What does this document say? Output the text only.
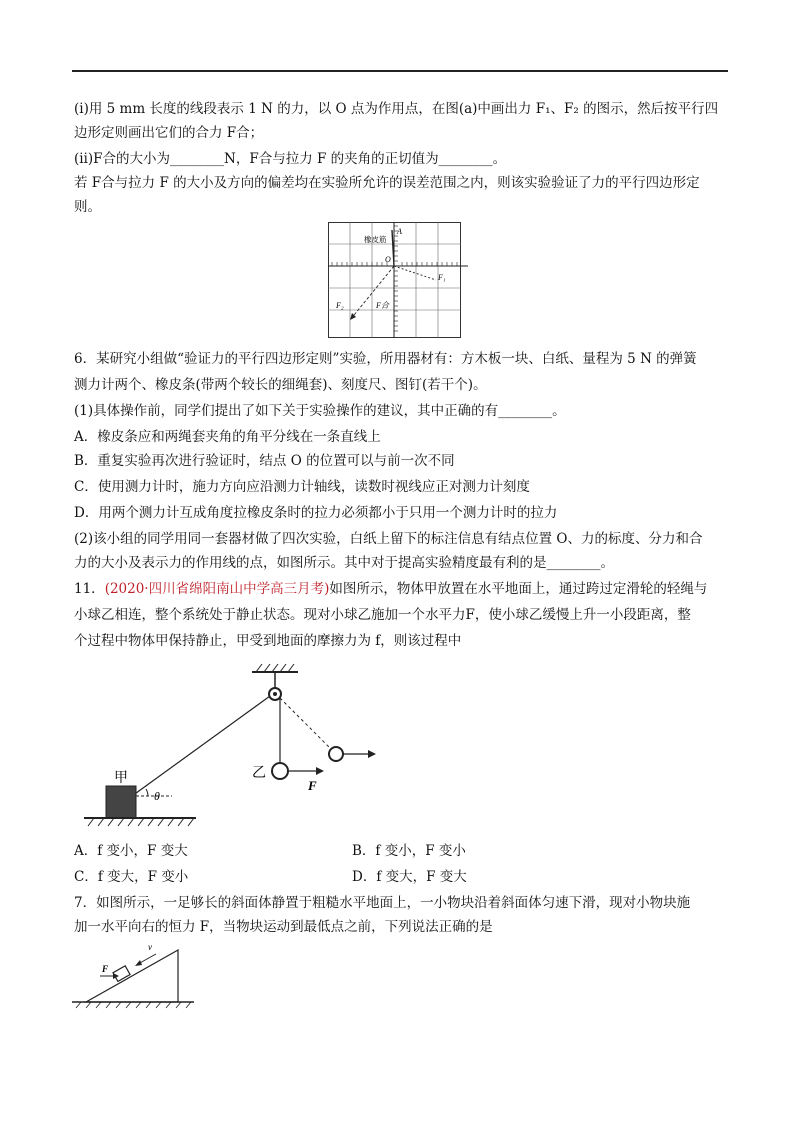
(ⅰ)用 5 mm 长度的线段表示 1 N 的力，以 O 点为作用点，在图(a)中画出力 F₁、F₂ 的图示，然后按平行四
边形定则画出它们的合力 F合；
(ⅱ)F合的大小为________N，F合与拉力 F 的夹角的正切值为________。
若 F合与拉力 F 的大小及方向的偏差均在实验所允许的误差范围之内，则该实验验证了力的平行四边形定
则。
橡皮筋
A
O
F₁
F₂	F合
6．某研究小组做“验证力的平行四边形定则”实验，所用器材有：方木板一块、白纸、量程为 5 N 的弹簧
测力计两个、橡皮条(带两个较长的细绳套)、刻度尺、图钉(若干个)。
(1)具体操作前，同学们提出了如下关于实验操作的建议，其中正确的有________。
A．橡皮条应和两绳套夹角的角平分线在一条直线上
B．重复实验再次进行验证时，结点 O 的位置可以与前一次不同
C．使用测力计时，施力方向应沿测力计轴线，读数时视线应正对测力计刻度
D．用两个测力计互成角度拉橡皮条时的拉力必须都小于只用一个测力计时的拉力
(2)该小组的同学用同一套器材做了四次实验，白纸上留下的标注信息有结点位置 O、力的标度、分力和合
力的大小及表示力的作用线的点，如图所示。其中对于提高实验精度最有利的是________。
11．(2020·四川省绵阳南山中学高三月考)如图所示，物体甲放置在水平地面上，通过跨过定滑轮的轻绳与
小球乙相连，整个系统处于静止状态。现对小球乙施加一个水平力F，使小球乙缓慢上升一小段距离，整
个过程中物体甲保持静止，甲受到地面的摩擦力为 f，则该过程中
甲	乙
θ
F
A．f 变小，F 变大	B．f 变小，F 变小
C．f 变大，F 变小	D．f 变大，F 变大
7．如图所示，一足够长的斜面体静置于粗糙水平地面上，一小物块沿着斜面体匀速下滑，现对小物块施
加一水平向右的恒力 F，当物块运动到最低点之前，下列说法正确的是
F
v
